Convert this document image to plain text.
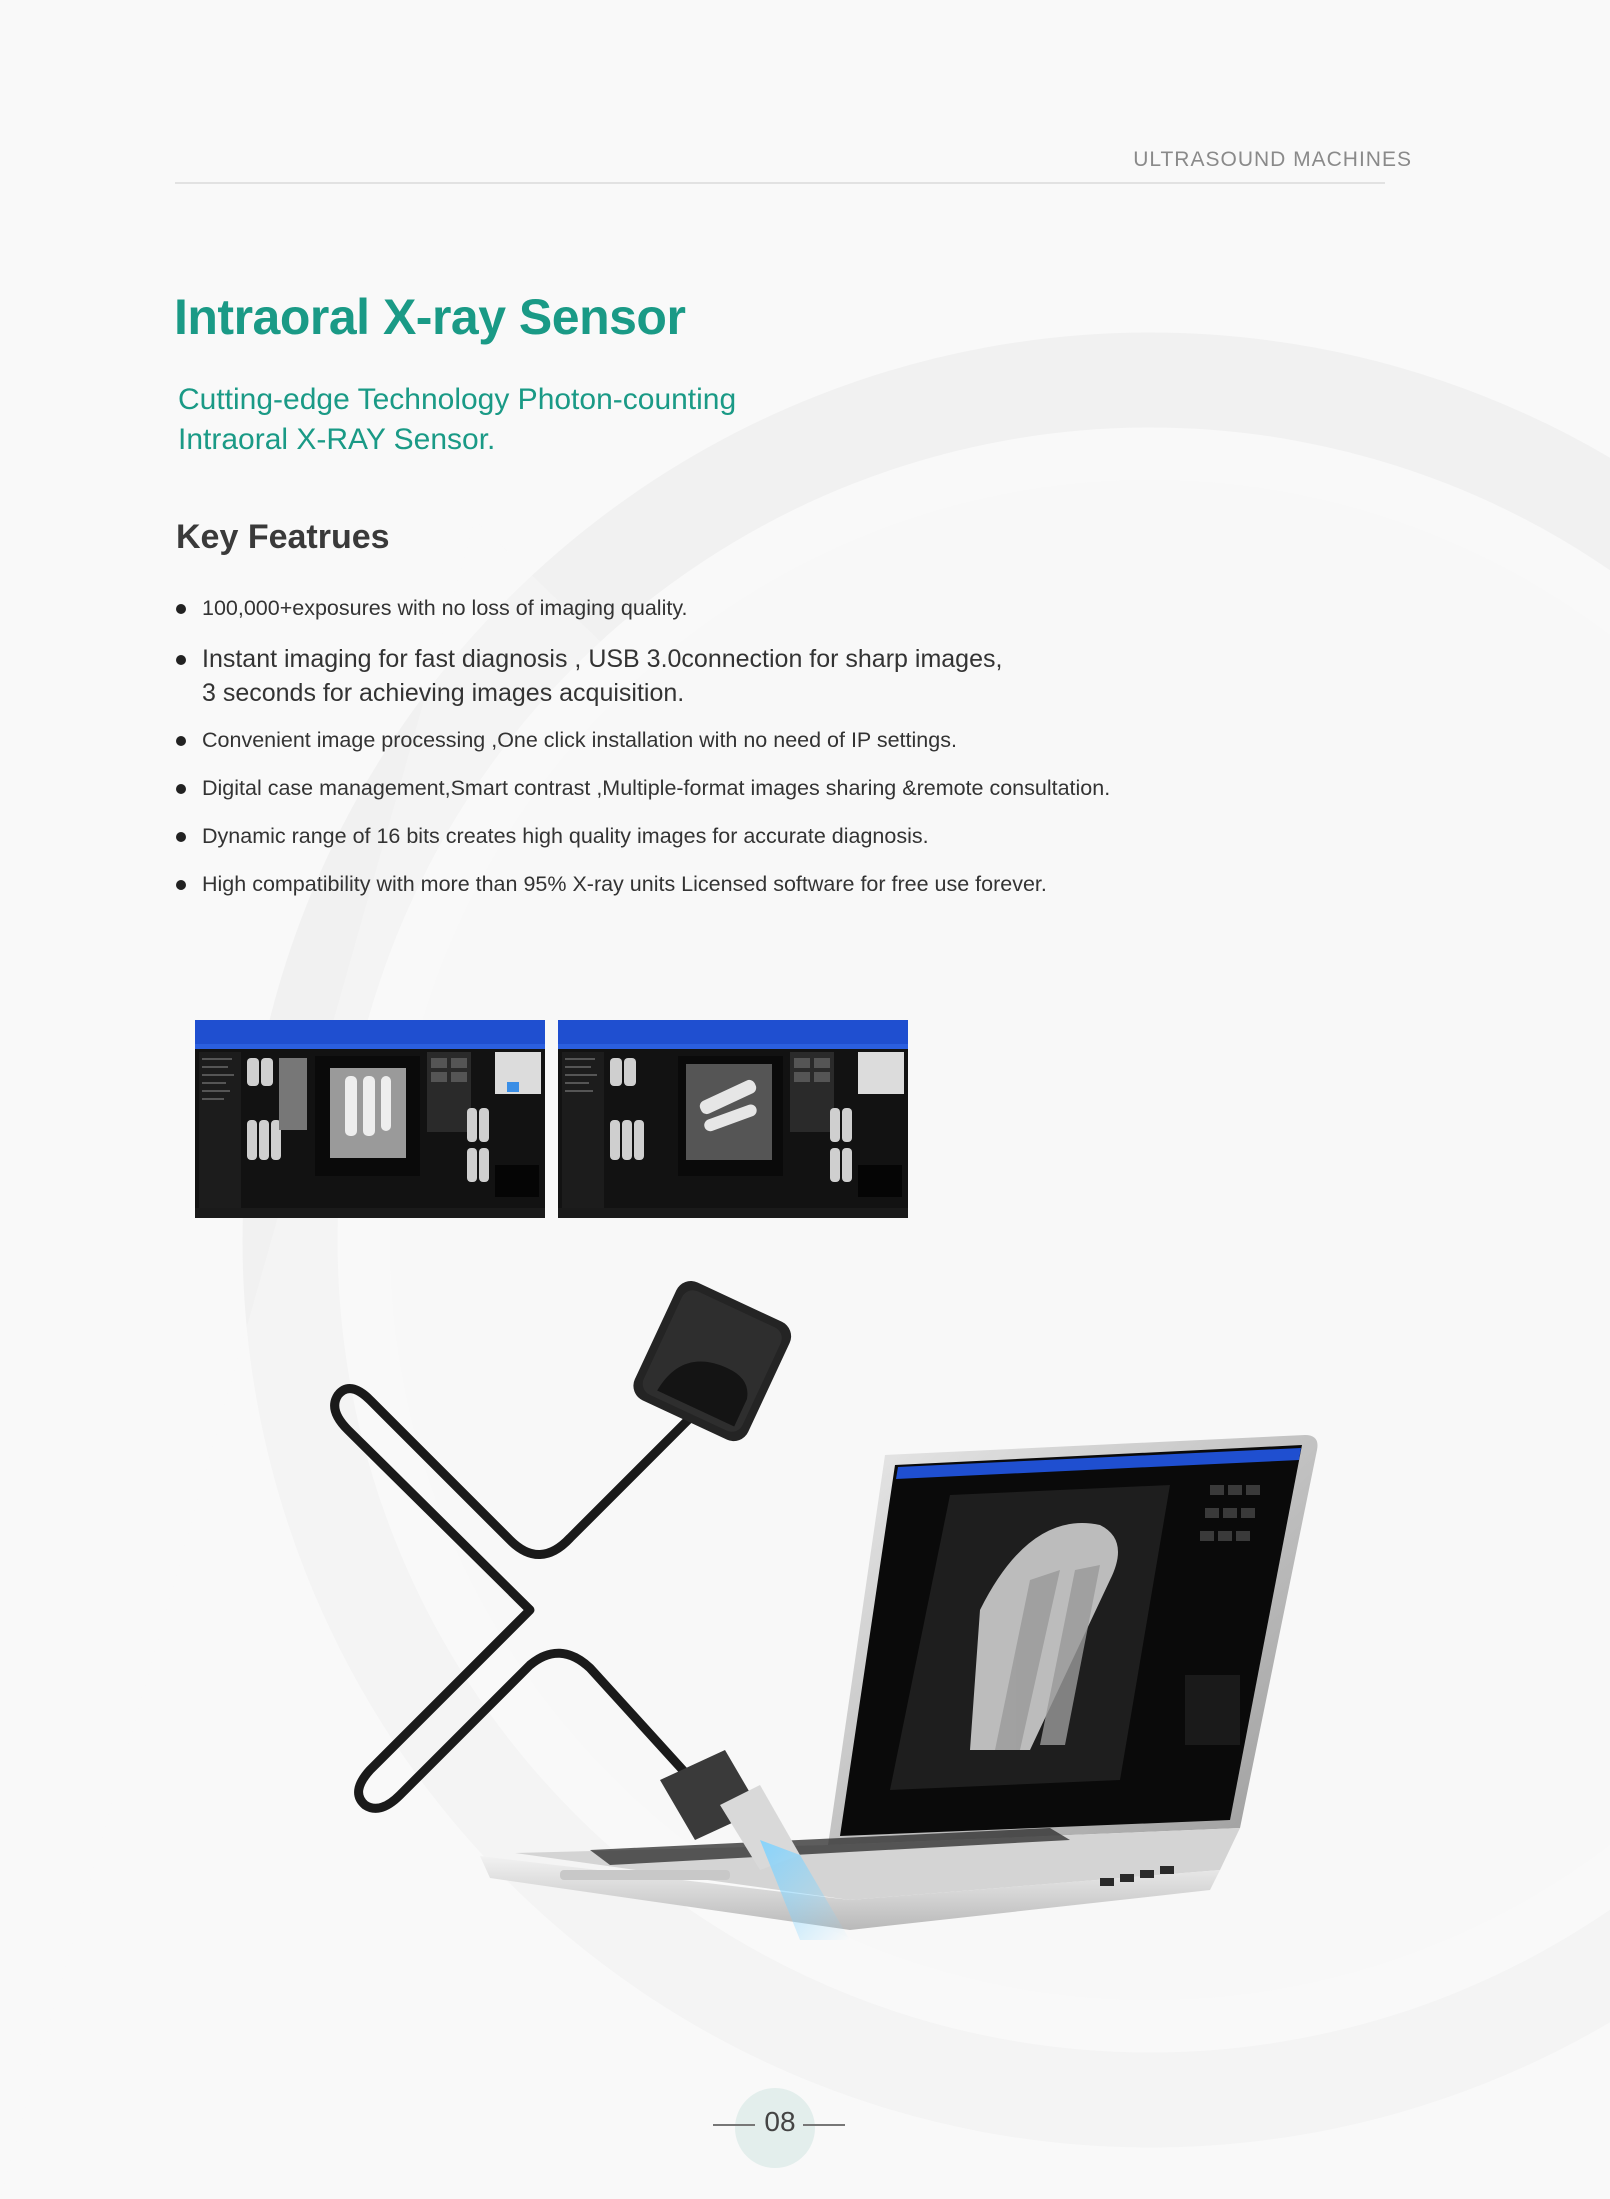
ULTRASOUND MACHINES
Intraoral X-ray Sensor

Cutting-edge Technology Photon-counting
Intraoral X-RAY Sensor.

Key Featrues
100,000+exposures with no loss of imaging quality.
Instant imaging for fast diagnosis , USB 3.0connection for sharp images,
3 seconds for achieving images acquisition.
Convenient image processing ,One click installation with no need of IP settings.
Digital case management,Smart contrast ,Multiple-format images sharing &remote consultation.
Dynamic range of 16 bits creates high quality images for accurate diagnosis.
High compatibility with more than 95% X-ray units Licensed software for free use forever.
08
